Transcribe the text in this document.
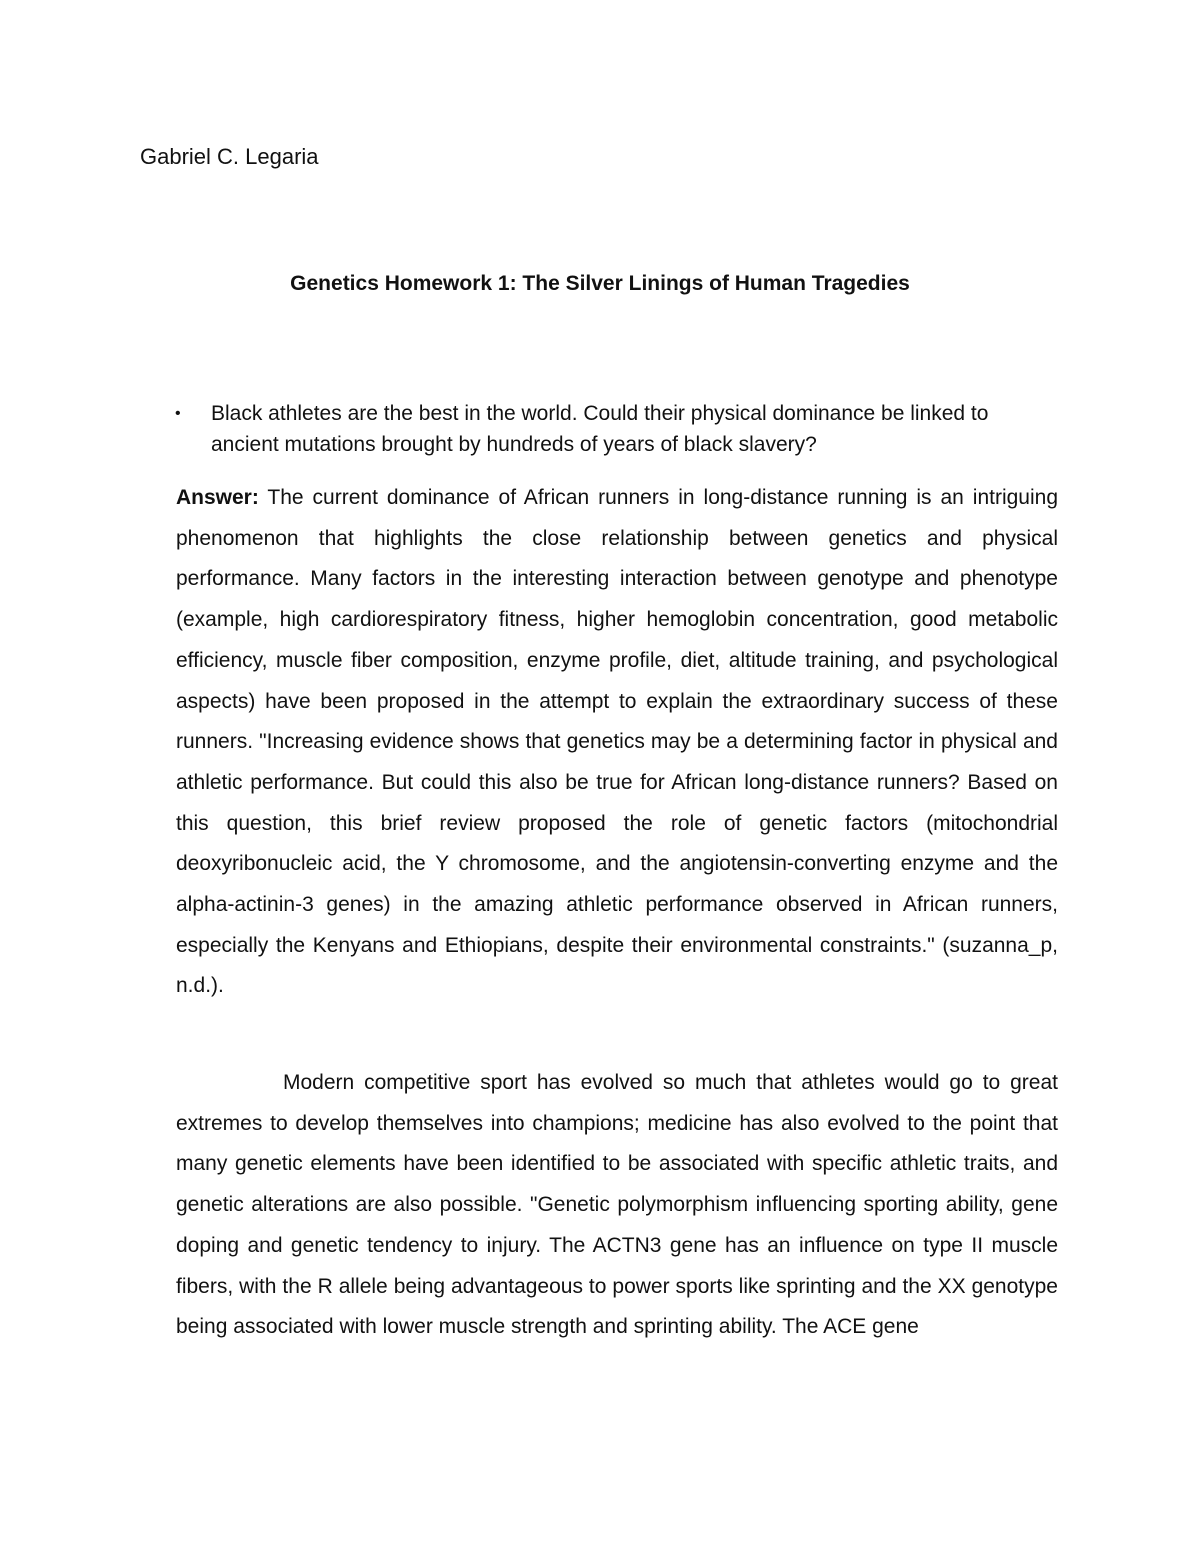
Gabriel C. Legaria

Genetics Homework 1: The Silver Linings of Human Tragedies
• Black athletes are the best in the world. Could their physical dominance be linked to ancient mutations brought by hundreds of years of black slavery?

Answer: The current dominance of African runners in long-distance running is an intriguing phenomenon that highlights the close relationship between genetics and physical performance. Many factors in the interesting interaction between genotype and phenotype (example, high cardiorespiratory fitness, higher hemoglobin concentration, good metabolic efficiency, muscle fiber composition, enzyme profile, diet, altitude training, and psychological aspects) have been proposed in the attempt to explain the extraordinary success of these runners. "Increasing evidence shows that genetics may be a determining factor in physical and athletic performance. But could this also be true for African long-distance runners? Based on this question, this brief review proposed the role of genetic factors (mitochondrial deoxyribonucleic acid, the Y chromosome, and the angiotensin-converting enzyme and the alpha-actinin-3 genes) in the amazing athletic performance observed in African runners, especially the Kenyans and Ethiopians, despite their environmental constraints." (suzanna_p, n.d.).

Modern competitive sport has evolved so much that athletes would go to great extremes to develop themselves into champions; medicine has also evolved to the point that many genetic elements have been identified to be associated with specific athletic traits, and genetic alterations are also possible. "Genetic polymorphism influencing sporting ability, gene doping and genetic tendency to injury. The ACTN3 gene has an influence on type II muscle fibers, with the R allele being advantageous to power sports like sprinting and the XX genotype being associated with lower muscle strength and sprinting ability. The ACE gene
